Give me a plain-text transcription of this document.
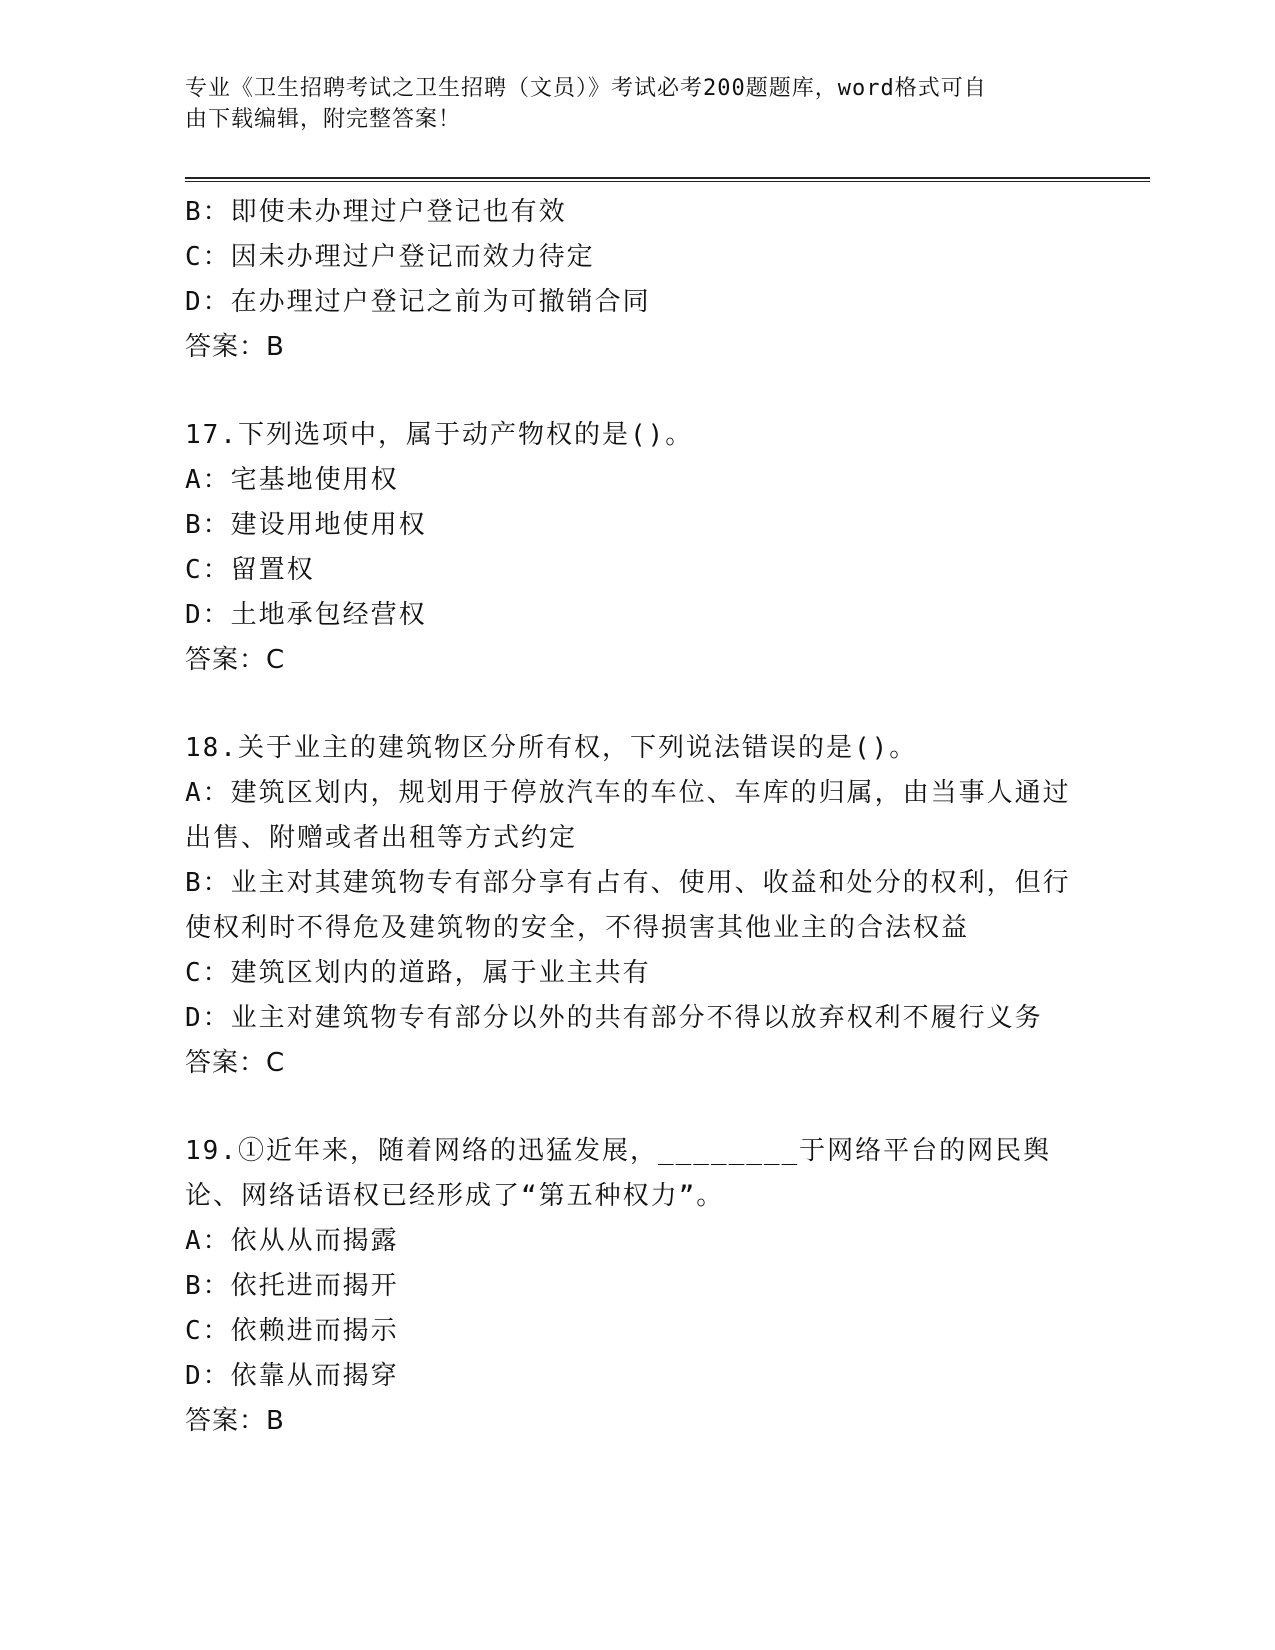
专业《卫生招聘考试之卫生招聘（文员）》考试必考200题题库，word格式可自
由下载编辑，附完整答案！
B：即使未办理过户登记也有效
C：因未办理过户登记而效力待定
D：在办理过户登记之前为可撤销合同
答案：B
17.下列选项中，属于动产物权的是()。
A：宅基地使用权
B：建设用地使用权
C：留置权
D：土地承包经营权
答案：C
18.关于业主的建筑物区分所有权，下列说法错误的是()。
A：建筑区划内，规划用于停放汽车的车位、车库的归属，由当事人通过出售、附赠或者出租等方式约定
B：业主对其建筑物专有部分享有占有、使用、收益和处分的权利，但行使权利时不得危及建筑物的安全，不得损害其他业主的合法权益
C：建筑区划内的道路，属于业主共有
D：业主对建筑物专有部分以外的共有部分不得以放弃权利不履行义务
答案：C
19.①近年来，随着网络的迅猛发展，________于网络平台的网民舆论、网络话语权已经形成了“第五种权力”。
A：依从从而揭露
B：依托进而揭开
C：依赖进而揭示
D：依靠从而揭穿
答案：B
